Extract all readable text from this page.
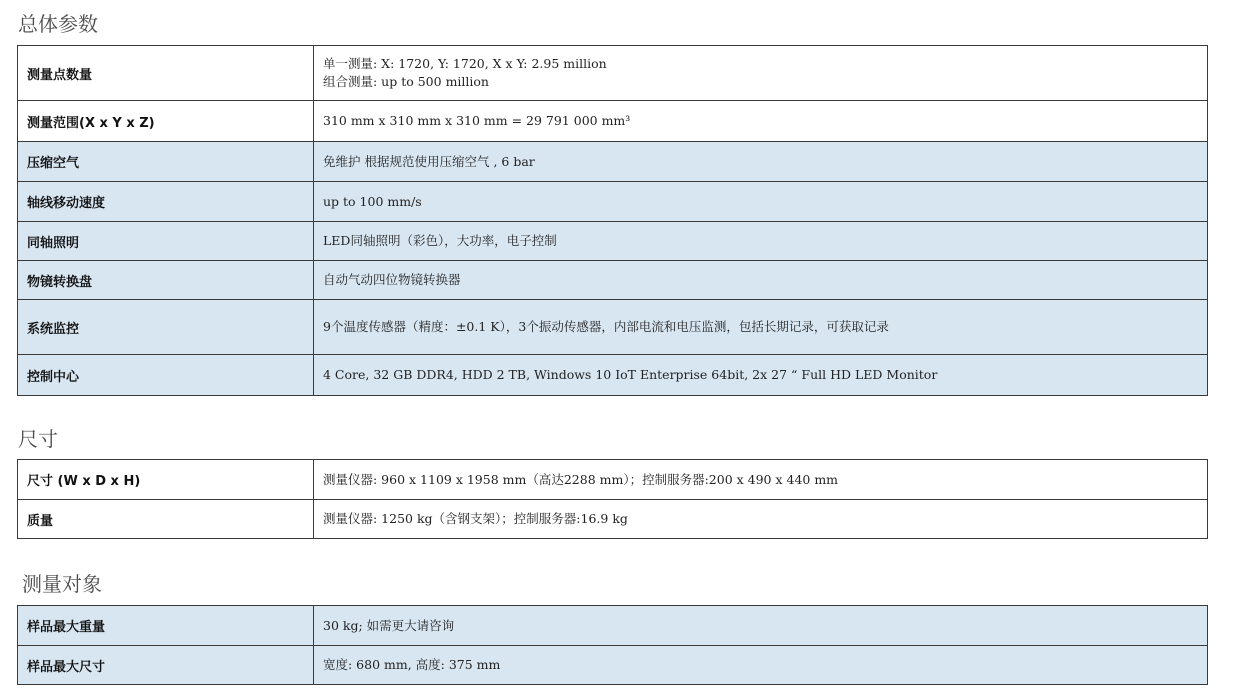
总体参数
测量点数量	单一测量: X: 1720, Y: 1720, X x Y: 2.95 million
组合测量: up to 500 million

测量范围(X x Y x Z)	310 mm x 310 mm x 310 mm = 29 791 000 mm³
压缩空气	免维护 根据规范使用压缩空气 , 6 bar
轴线移动速度	up to 100 mm/s
同轴照明	LED同轴照明（彩色），大功率，电子控制
物镜转换盘	自动气动四位物镜转换器
系统监控	9个温度传感器（精度：±0.1 K），3个振动传感器，内部电流和电压监测，包括长期记录，可获取记录
控制中心	4 Core, 32 GB DDR4, HDD 2 TB, Windows 10 IoT Enterprise 64bit, 2x 27 “ Full HD LED Monitor
尺寸
尺寸 (W x D x H)	测量仪器: 960 x 1109 x 1958 mm（高达2288 mm）；控制服务器:200 x 490 x 440 mm
质量	测量仪器: 1250 kg（含钢支架）；控制服务器:16.9 kg
测量对象
样品最大重量	30 kg; 如需更大请咨询
样品最大尺寸	宽度: 680 mm, 高度: 375 mm
